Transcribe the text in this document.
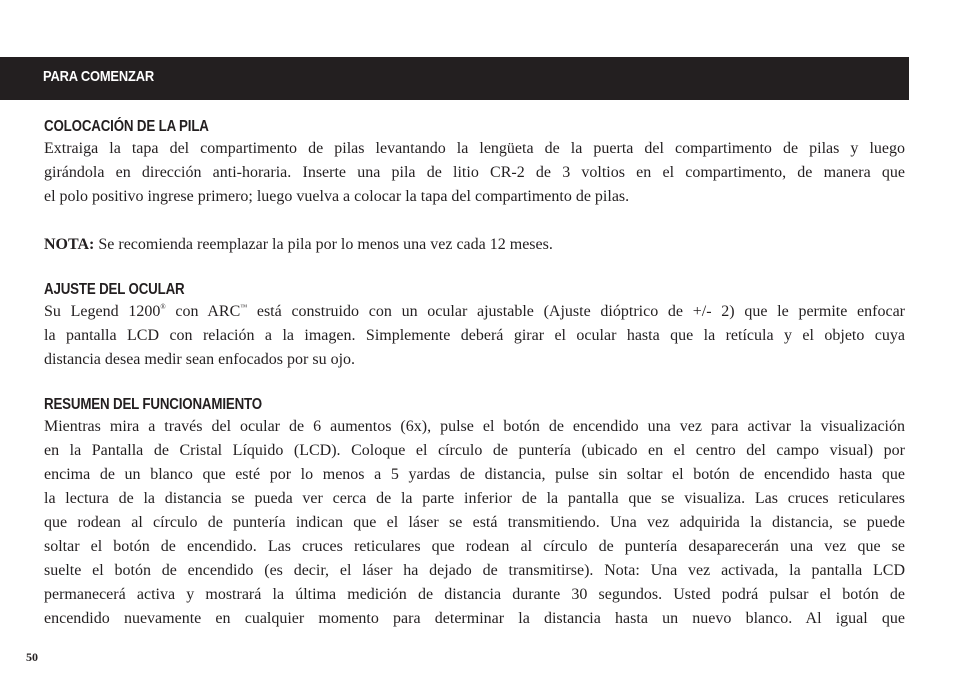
PARA COMENZAR
COLOCACIÓN DE LA PILA
Extraiga la tapa del compartimento de pilas levantando la lengüeta de la puerta del compartimento de pilas y luego
girándola en dirección anti-horaria. Inserte una pila de litio CR-2 de 3 voltios en el compartimento, de manera que
el polo positivo ingrese primero; luego vuelva a colocar la tapa del compartimento de pilas.
NOTA: Se recomienda reemplazar la pila por lo menos una vez cada 12 meses.
AJUSTE DEL OCULAR
Su Legend 1200® con ARC™ está construido con un ocular ajustable (Ajuste dióptrico de +/- 2) que le permite enfocar
la pantalla LCD con relación a la imagen. Simplemente deberá girar el ocular hasta que la retícula y el objeto cuya
distancia desea medir sean enfocados por su ojo.
RESUMEN DEL FUNCIONAMIENTO
Mientras mira a través del ocular de 6 aumentos (6x), pulse el botón de encendido una vez para activar la visualización
en la Pantalla de Cristal Líquido (LCD). Coloque el círculo de puntería (ubicado en el centro del campo visual) por
encima de un blanco que esté por lo menos a 5 yardas de distancia, pulse sin soltar el botón de encendido hasta que
la lectura de la distancia se pueda ver cerca de la parte inferior de la pantalla que se visualiza. Las cruces reticulares
que rodean al círculo de puntería indican que el láser se está transmitiendo. Una vez adquirida la distancia, se puede
soltar el botón de encendido. Las cruces reticulares que rodean al círculo de puntería desaparecerán una vez que se
suelte el botón de encendido (es decir, el láser ha dejado de transmitirse). Nota: Una vez activada, la pantalla LCD
permanecerá activa y mostrará la última medición de distancia durante 30 segundos. Usted podrá pulsar el botón de
encendido nuevamente en cualquier momento para determinar la distancia hasta un nuevo blanco. Al igual que
50
